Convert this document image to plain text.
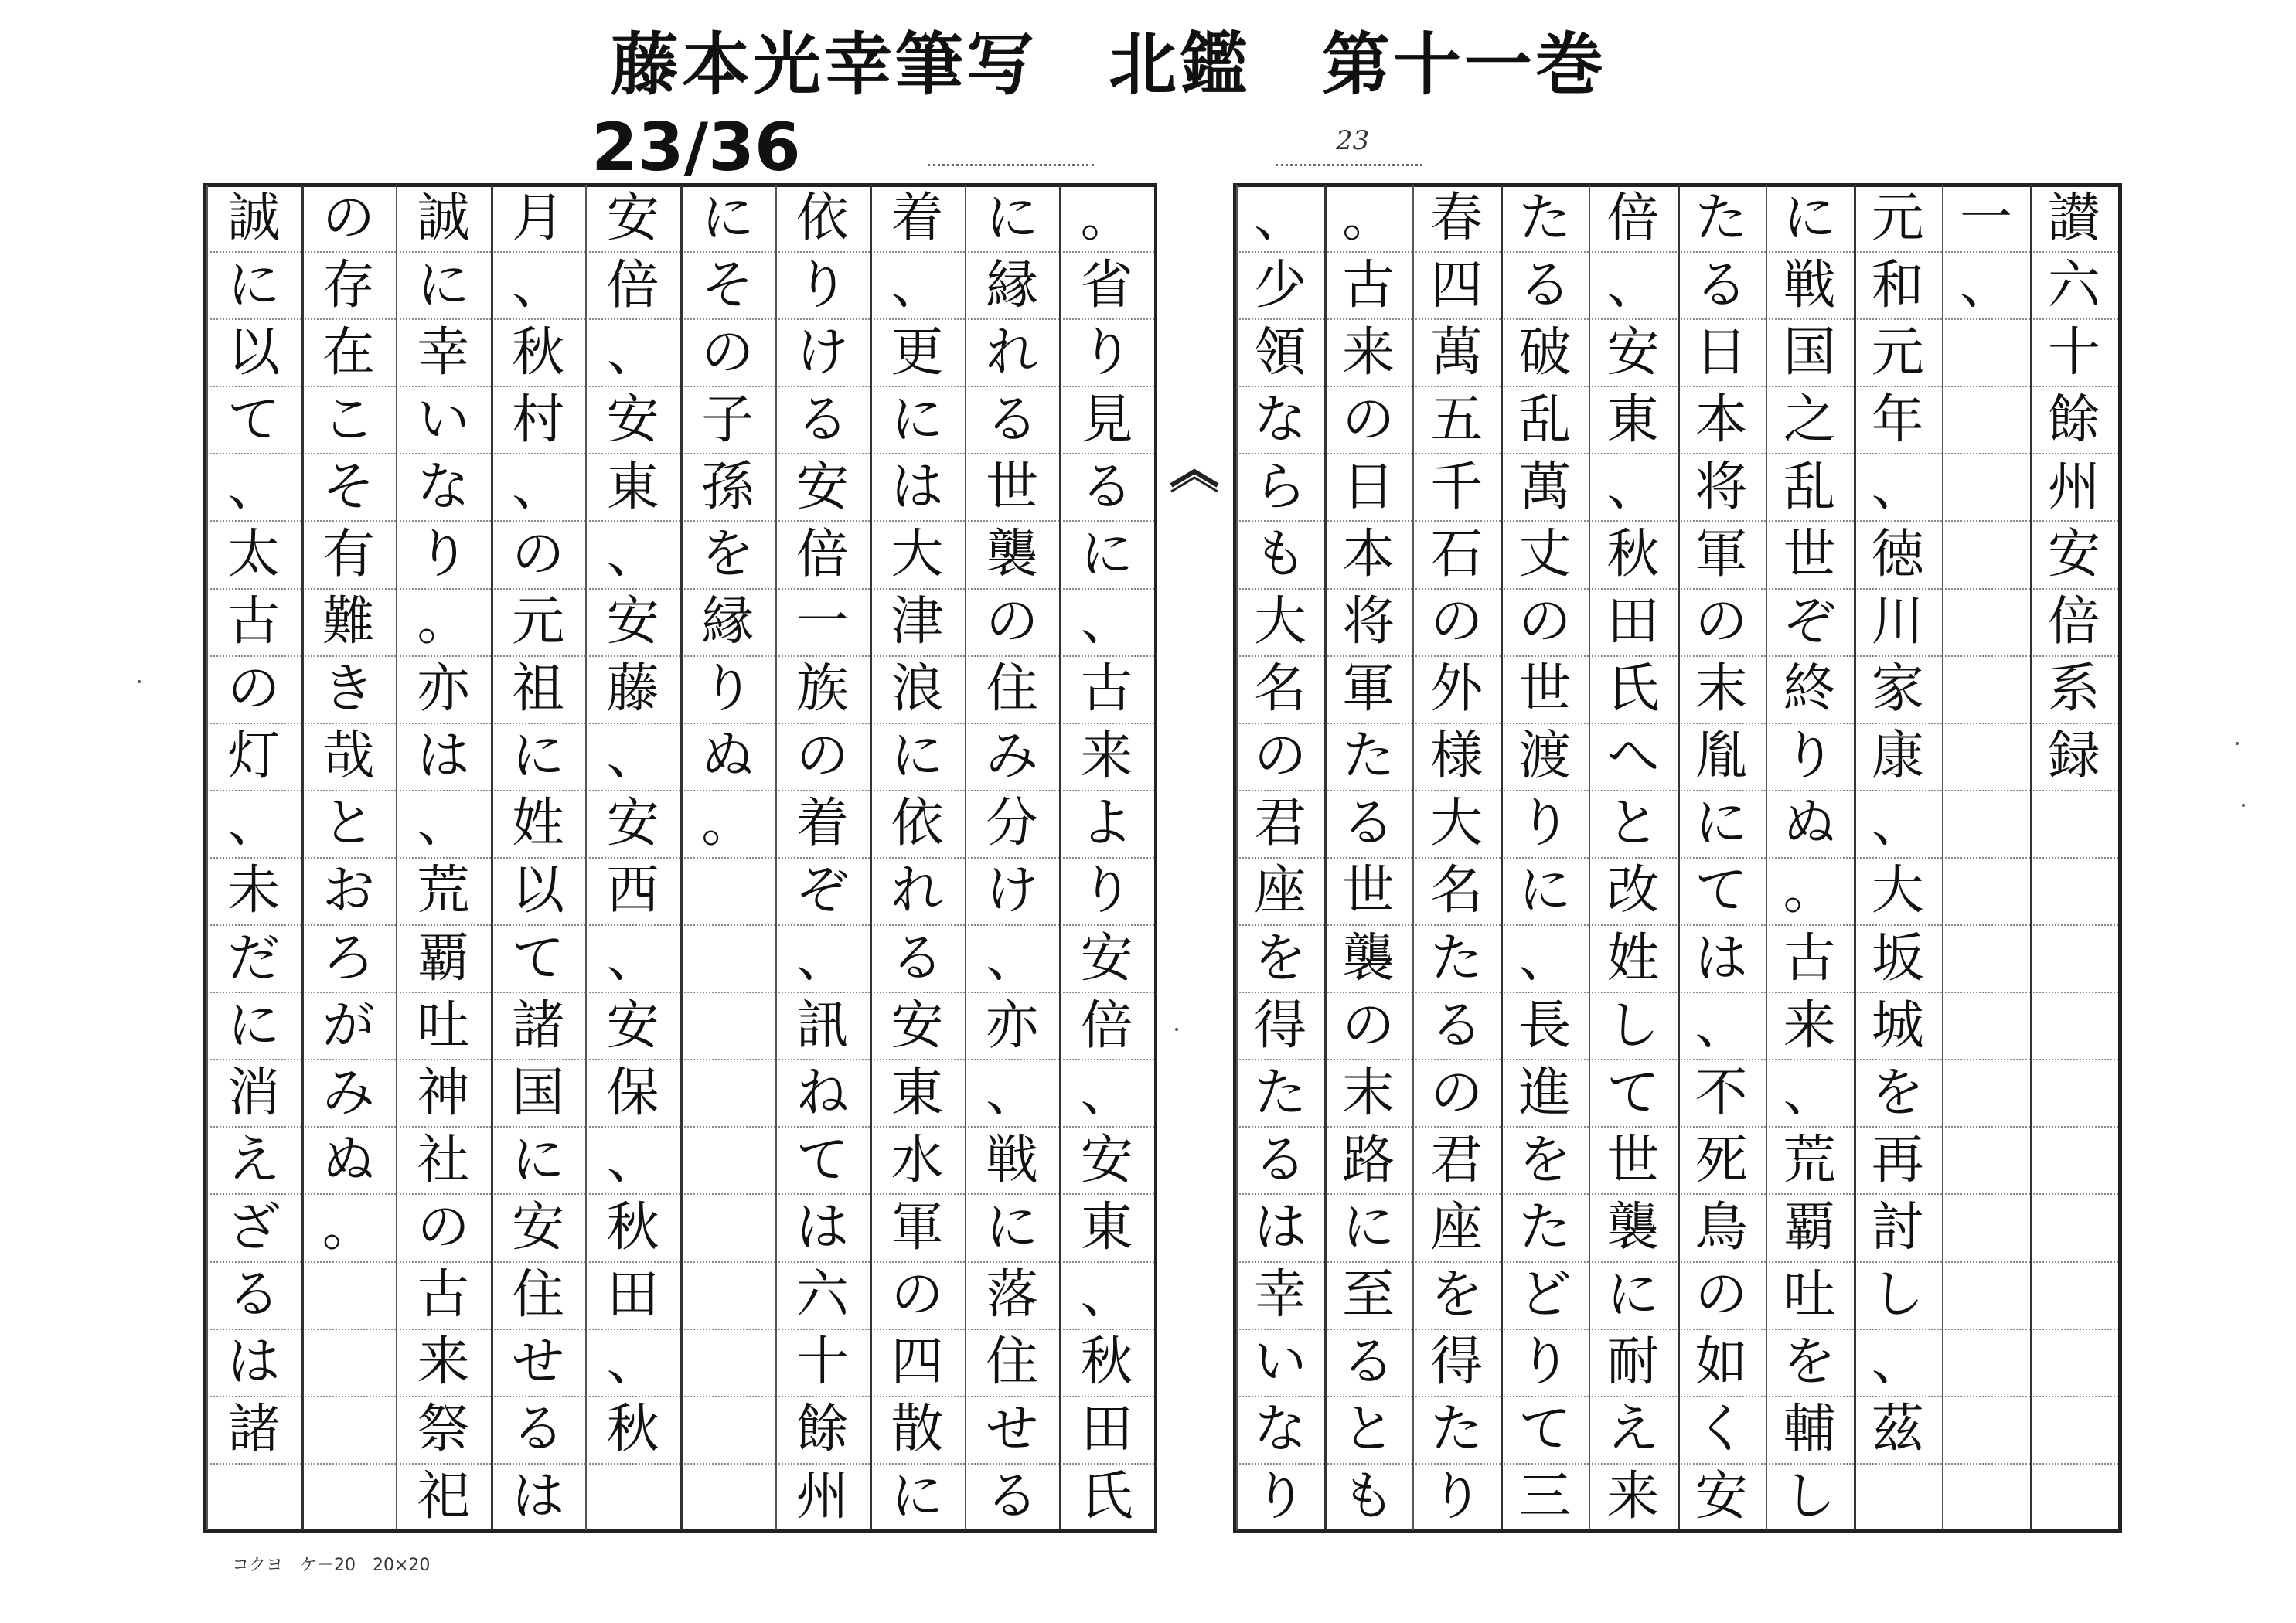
藤本光幸筆写　北鑑　第十一巻
23/36	23
讃
六
十
餘
州
安
倍
系
録
一
、
元
和
元
年
、
徳
川
家
康
、
大
坂
城
を
再
討
し
、
茲
に
戦
国
之
乱
世
ぞ
終
り
ぬ
。
古
来
、
荒
覇
吐
を
輔
し
た
る
日
本
将
軍
の
末
胤
に
て
は
、
不
死
鳥
の
如
く
安
倍
、
安
東
、
秋
田
氏
へ
と
改
姓
し
て
世
襲
に
耐
え
来
た
る
破
乱
萬
丈
の
世
渡
り
に
、
長
進
を
た
ど
り
て
三
春
四
萬
五
千
石
の
外
様
大
名
た
る
の
君
座
を
得
た
り
。
古
来
の
日
本
将
軍
た
る
世
襲
の
末
路
に
至
る
と
も
、
少
領
な
ら
も
大
名
の
君
座
を
得
た
る
は
幸
い
な
り
。
省
り
見
る
に
、
古
来
よ
り
安
倍
、
安
東
、
秋
田
氏
に
縁
れ
る
世
襲
の
住
み
分
け
、
亦
、
戦
に
落
住
せ
る
着
、
更
に
は
大
津
浪
に
依
れ
る
安
東
水
軍
の
四
散
に
依
り
け
る
安
倍
一
族
の
着
ぞ
、
訊
ね
て
は
六
十
餘
州
に
そ
の
子
孫
を
縁
り
ぬ
。
安
倍
、
安
東
、
安
藤
、
安
西
、
安
保
、
秋
田
、
秋
月
、
秋
村
、
の
元
祖
に
姓
以
て
諸
国
に
安
住
せ
る
は
誠
に
幸
い
な
り
。
亦
は
、
荒
覇
吐
神
社
の
古
来
祭
祀
の
存
在
こ
そ
有
難
き
哉
と
お
ろ
が
み
ぬ
。
誠
に
以
て
、
太
古
の
灯
、
未
だ
に
消
え
ざ
る
は
諸
コクヨ　ケ－20　20×20
